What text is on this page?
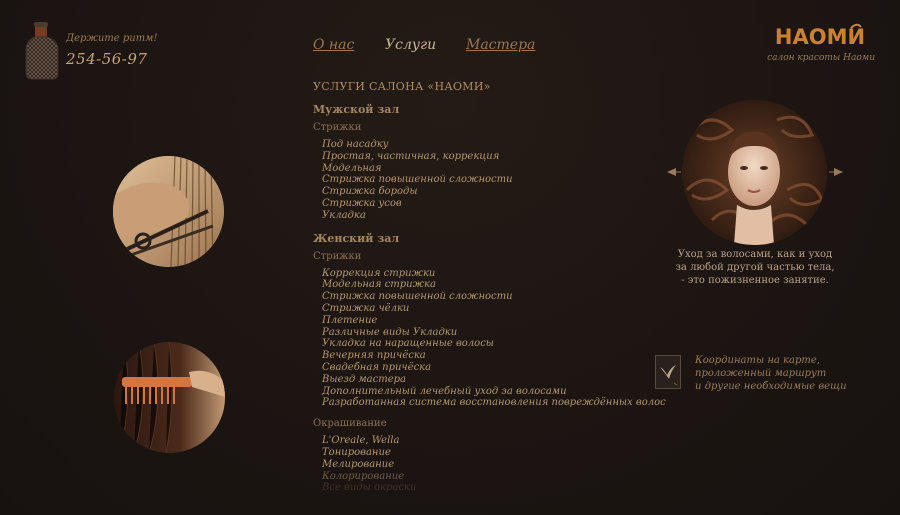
Держите ритм!
254-56-97
О нас Услуги Мастера	НАОМИ
салон красоты Наоми
УСЛУГИ САЛОНА «НАОМИ»
Мужской зал
Стрижки
Под насадку
Простая, частичная, коррекция
Модельная
Стрижка повышенной сложности
Стрижка бороды
Стрижка усов
Укладка
Женский зал
Стрижки
Коррекция стрижки
Модельная стрижка
Стрижка повышенной сложности
Стрижка чёлки
Плетение
Различные виды Укладки
Укладка на наращенные волосы
Вечерняя причёска
Свадебная причёска
Выезд мастера
Дополнительный лечебный уход за волосами
Разработанная система восстановления повреждённых волос
Окрашивание
L'Oreale, Wella
Тонирование
Мелирование
Колорирование
Все виды окраски
Уход за волосами, как и уход
за любой другой частью тела,
- это пожизненное занятие.
Координаты на карте,
проложенный маршрут
и другие необходимые вещи
